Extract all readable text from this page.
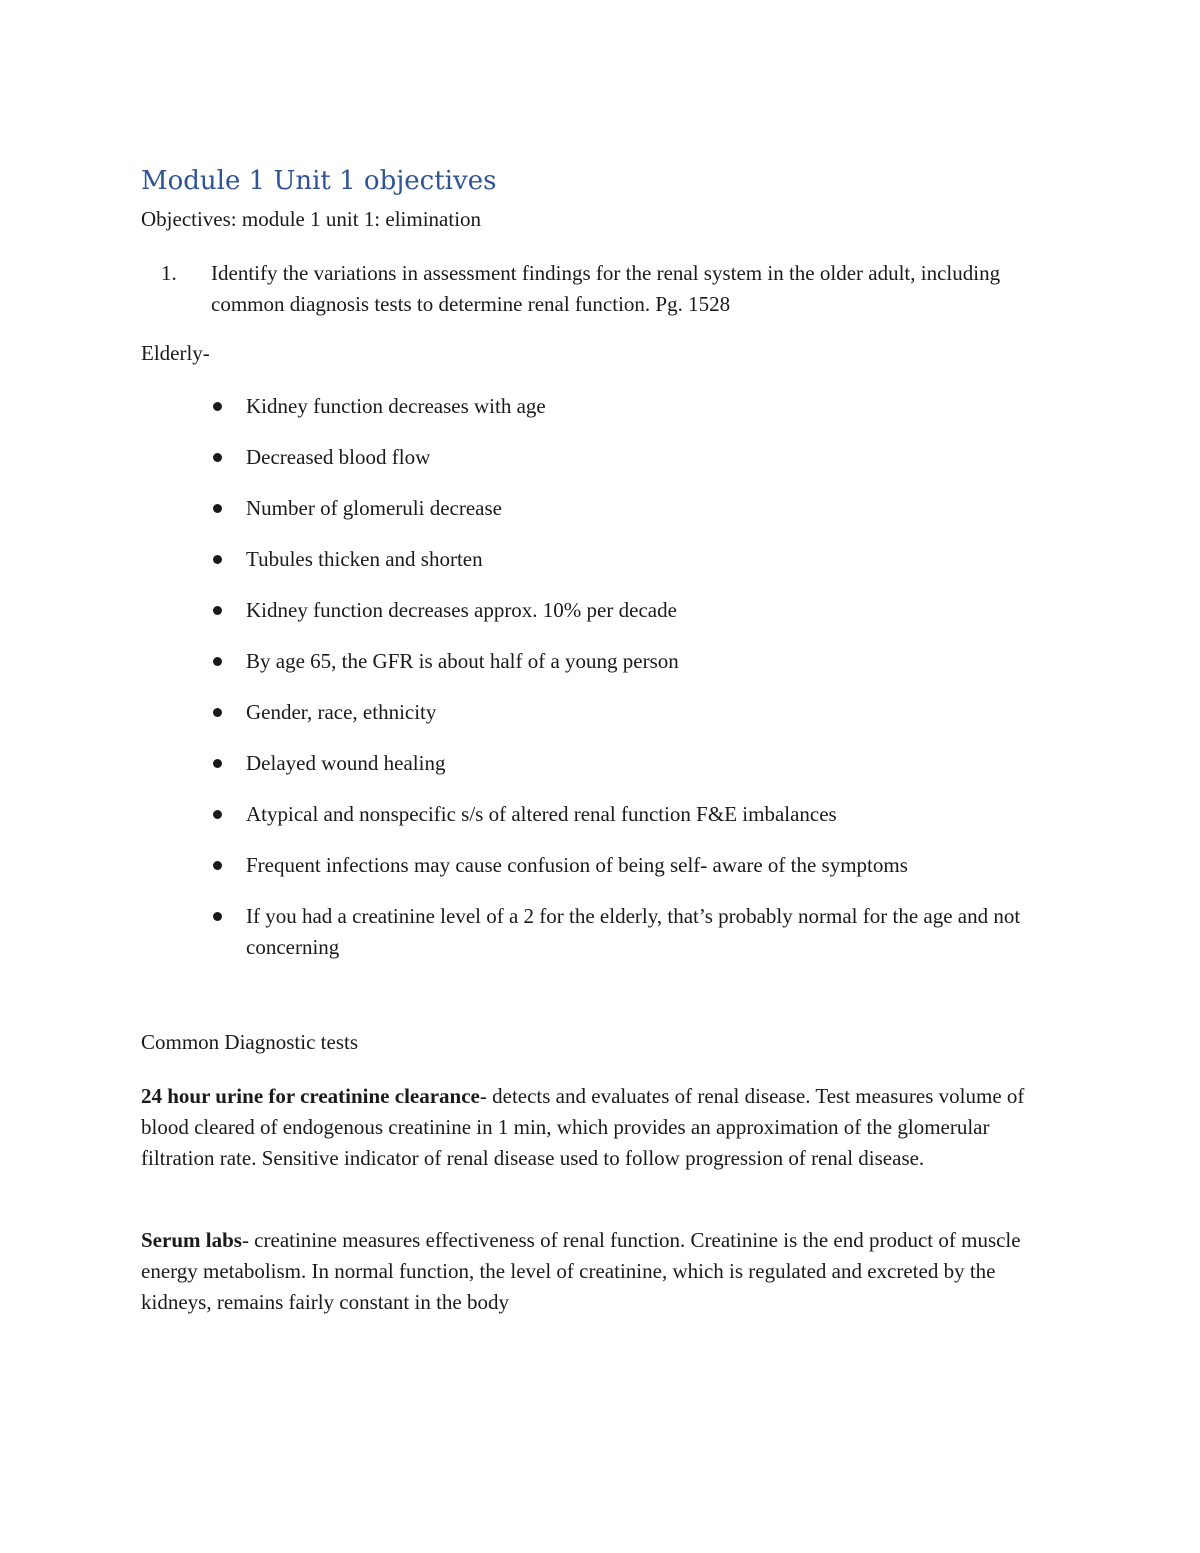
Module 1 Unit 1 objectives
Objectives: module 1 unit 1: elimination
1. Identify the variations in assessment findings for the renal system in the older adult, including common diagnosis tests to determine renal function. Pg. 1528
Elderly-
Kidney function decreases with age
Decreased blood flow
Number of glomeruli decrease
Tubules thicken and shorten
Kidney function decreases approx. 10% per decade
By age 65, the GFR is about half of a young person
Gender, race, ethnicity
Delayed wound healing
Atypical and nonspecific s/s of altered renal function F&E imbalances
Frequent infections may cause confusion of being self- aware of the symptoms
If you had a creatinine level of a 2 for the elderly, that’s probably normal for the age and not concerning
Common Diagnostic tests

24 hour urine for creatinine clearance- detects and evaluates of renal disease. Test measures volume of blood cleared of endogenous creatinine in 1 min, which provides an approximation of the glomerular filtration rate. Sensitive indicator of renal disease used to follow progression of renal disease.

Serum labs- creatinine measures effectiveness of renal function. Creatinine is the end product of muscle energy metabolism. In normal function, the level of creatinine, which is regulated and excreted by the kidneys, remains fairly constant in the body
